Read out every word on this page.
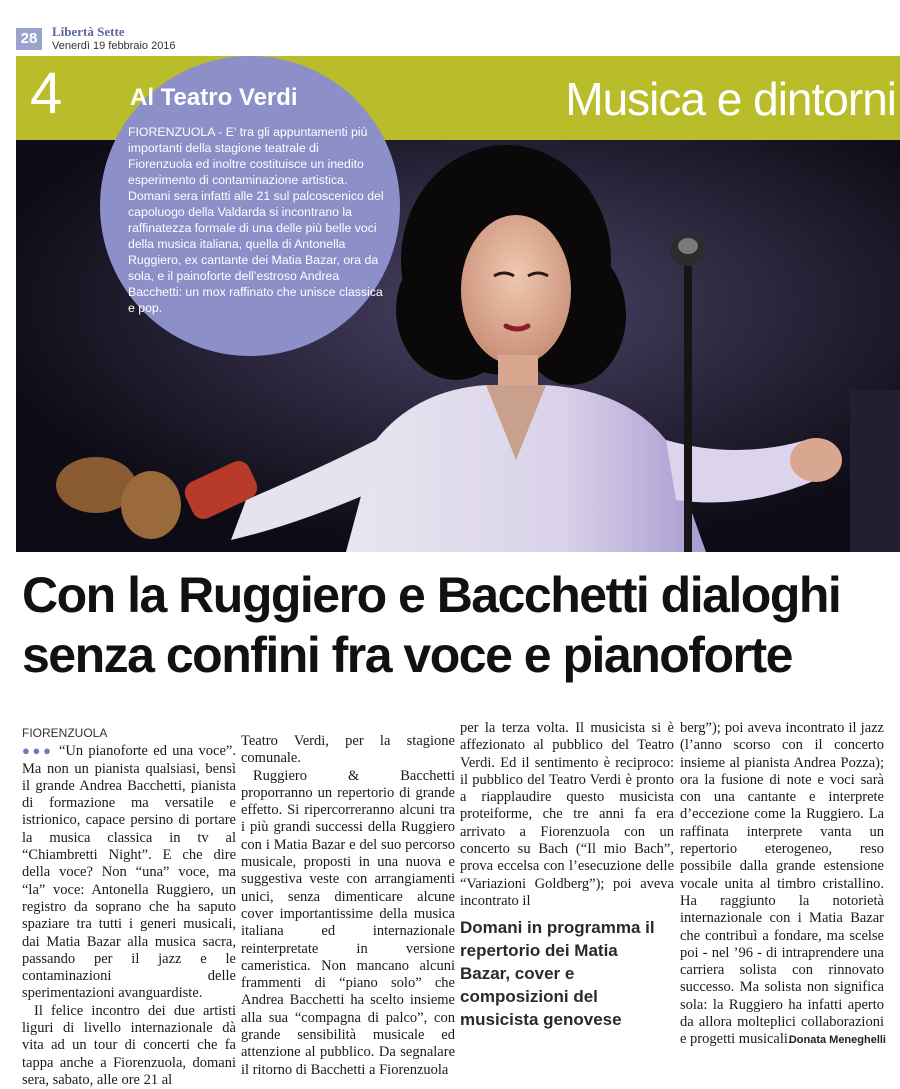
28	Libertà Sette
Venerdì 19 febbraio 2016
4	Musica e dintorni
Al Teatro Verdi
FIORENZUOLA - E’ tra gli appuntamenti più importanti della stagione teatrale di Fiorenzuola ed inoltre costituisce un inedito esperimento di contaminazione artistica. Domani sera infatti alle 21 sul palcoscenico del capoluogo della Valdarda si incontrano la raffinatezza formale di una delle più belle voci della musica italiana, quella di Antonella Ruggiero, ex cantante dei Matia Bazar, ora da sola, e il painoforte dell’estroso Andrea Bacchetti: un mox raffinato che unisce classica e pop.
Con la Ruggiero e Bacchetti dialoghi
senza confini fra voce e pianoforte
FIORENZUOLA

●●● “Un pianoforte ed una voce”. Ma non un pianista qualsiasi, bensì il grande Andrea Bacchetti, pianista di formazione ma versatile e istrionico, capace persino di portare la musica classica in tv al “Chiambretti Night”. E che dire della voce? Non “una” voce, ma “la” voce: Antonella Ruggiero, un registro da soprano che ha saputo spaziare tra tutti i generi musicali, dai Matia Bazar alla musica sacra, passando per il jazz e le contaminazioni delle sperimentazioni avanguardiste.

Il felice incontro dei due artisti liguri di livello internazionale dà vita ad un tour di concerti che fa tappa anche a Fiorenzuola, domani sera, sabato, alle ore 21 al

Teatro Verdi, per la stagione comunale.

Ruggiero & Bacchetti proporranno un repertorio di grande effetto. Si ripercorreranno alcuni tra i più grandi successi della Ruggiero con i Matia Bazar e del suo percorso musicale, proposti in una nuova e suggestiva veste con arrangiamenti unici, senza dimenticare alcune cover importantissime della musica italiana ed internazionale reinterpretate in versione cameristica. Non mancano alcuni frammenti di “piano solo” che Andrea Bacchetti ha scelto insieme alla sua “compagna di palco”, con grande sensibilità musicale ed attenzione al pubblico. Da segnalare il ritorno di Bacchetti a Fiorenzuola

per la terza volta. Il musicista si è affezionato al pubblico del Teatro Verdi. Ed il sentimento è reciproco: il pubblico del Teatro Verdi è pronto a riapplaudire questo musicista proteiforme, che tre anni fa era arrivato a Fiorenzuola con un concerto su Bach (“Il mio Bach”, prova eccelsa con l’esecuzione delle “Variazioni Goldberg”); poi aveva incontrato il

Domani in programma il repertorio dei Matia Bazar, cover e composizioni del musicista genovese

berg”); poi aveva incontrato il jazz (l’anno scorso con il concerto insieme al pianista Andrea Pozza); ora la fusione di note e voci sarà con una cantante e interprete d’eccezione come la Ruggiero. La raffinata interprete vanta un repertorio eterogeneo, reso possibile dalla grande estensione vocale unita al timbro cristallino. Ha raggiunto la notorietà internazionale con i Matia Bazar che contribuì a fondare, ma scelse poi - nel ’96 - di intraprendere una carriera solista con rinnovato successo. Ma solista non significa sola: la Ruggiero ha infatti aperto da allora molteplici collaborazioni e progetti musicali.

Donata Meneghelli
